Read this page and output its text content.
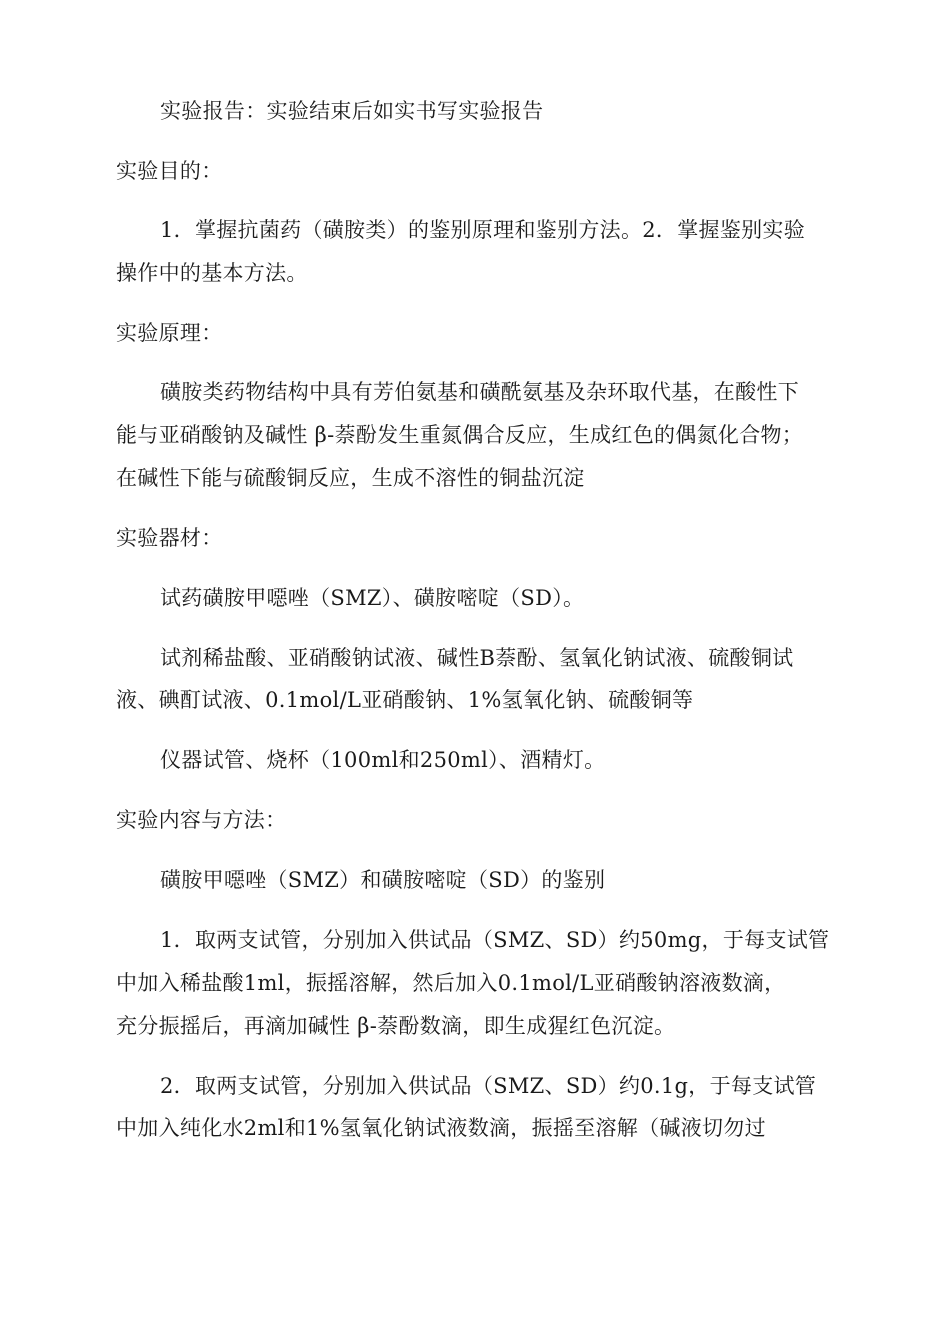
实验报告：实验结束后如实书写实验报告
实验目的：
1．掌握抗菌药（磺胺类）的鉴别原理和鉴别方法。2．掌握鉴别实验
操作中的基本方法。
实验原理：
磺胺类药物结构中具有芳伯氨基和磺酰氨基及杂环取代基，在酸性下
能与亚硝酸钠及碱性 β-萘酚发生重氮偶合反应，生成红色的偶氮化合物；
在碱性下能与硫酸铜反应，生成不溶性的铜盐沉淀
实验器材：
试药磺胺甲噁唑（SMZ）、磺胺嘧啶（SD）。
试剂稀盐酸、亚硝酸钠试液、碱性Β萘酚、氢氧化钠试液、硫酸铜试
液、碘酊试液、0.1mol/L亚硝酸钠、1%氢氧化钠、硫酸铜等
仪器试管、烧杯（100ml和250ml）、酒精灯。
实验内容与方法：
磺胺甲噁唑（SMZ）和磺胺嘧啶（SD）的鉴别
1．取两支试管，分别加入供试品（SMZ、SD）约50mg，于每支试管
中加入稀盐酸1ml，振摇溶解，然后加入0.1mol/L亚硝酸钠溶液数滴，
充分振摇后，再滴加碱性 β-萘酚数滴，即生成猩红色沉淀。
2．取两支试管，分别加入供试品（SMZ、SD）约0.1g，于每支试管
中加入纯化水2ml和1%氢氧化钠试液数滴，振摇至溶解（碱液切勿过
